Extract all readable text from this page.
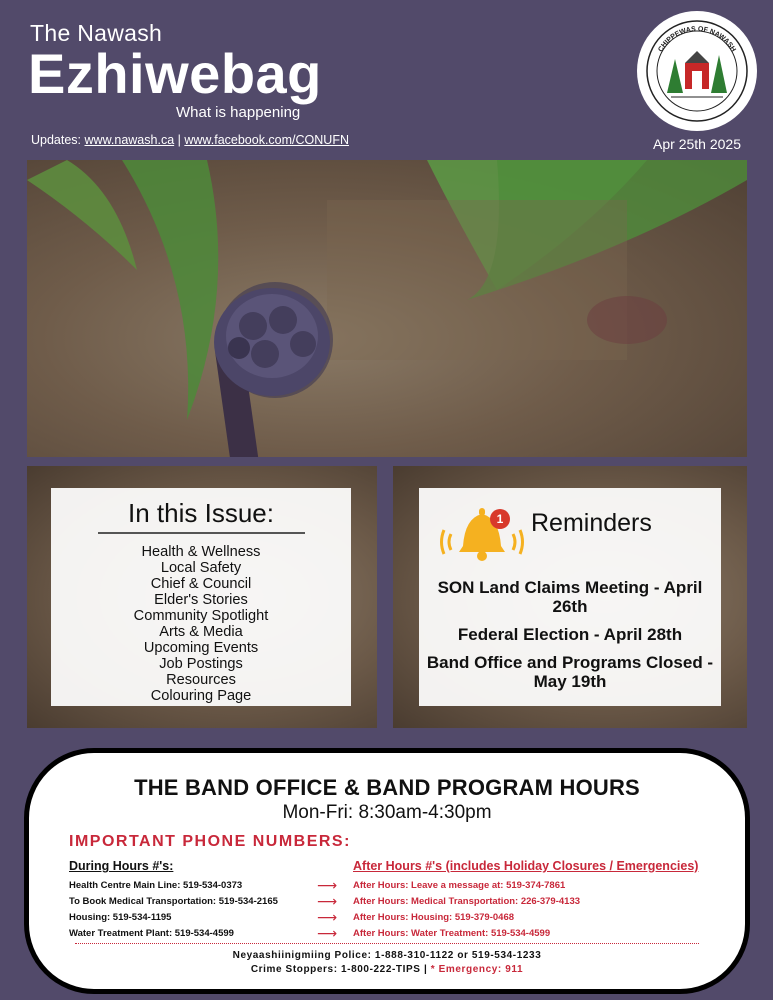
The Nawash
Ezhiwebag
What is happening
Updates: www.nawash.ca | www.facebook.com/CONUFN	Apr 25th 2025
CHIPPEWAS OF NAWASH
In this Issue:
Health & Wellness
Local Safety
Chief & Council
Elder's Stories
Community Spotlight
Arts & Media
Upcoming Events
Job Postings
Resources
Colouring Page
1 Reminders

SON Land Claims Meeting - April 26th

Federal Election - April 28th

Band Office and Programs Closed - May 19th

THE BAND OFFICE & BAND PROGRAM HOURS
Mon-Fri: 8:30am-4:30pm
IMPORTANT PHONE NUMBERS:
During Hours #'s:
Health Centre Main Line: 519-534-0373
To Book Medical Transportation: 519-534-2165
Housing: 519-534-1195
Water Treatment Plant: 519-534-4599
⟶
⟶
⟶
⟶
After Hours #'s (includes Holiday Closures / Emergencies)
After Hours: Leave a message at: 519-374-7861
After Hours: Medical Transportation: 226-379-4133
After Hours: Housing: 519-379-0468
After Hours: Water Treatment: 519-534-4599
Neyaashiinigmiing Police: 1-888-310-1122 or 519-534-1233
Crime Stoppers: 1-800-222-TIPS | * Emergency: 911
